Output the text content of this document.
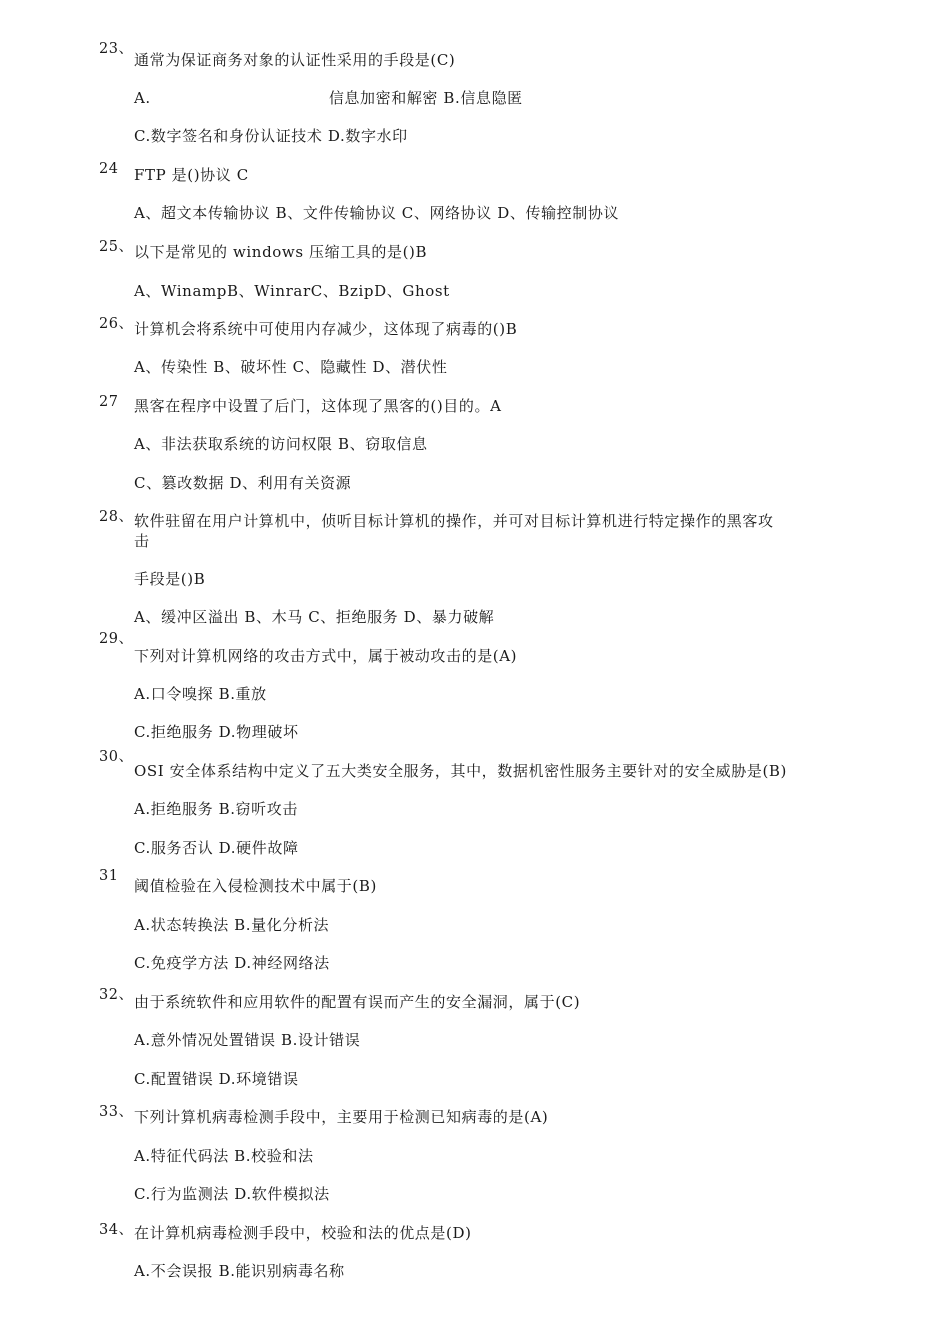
23、
通常为保证商务对象的认证性采用的手段是(C)
A.	信息加密和解密 B.信息隐匿
C.数字签名和身份认证技术 D.数字水印
24 FTP 是()协议 C
A、超文本传输协议 B、文件传输协议 C、网络协议 D、传输控制协议
25、 以下是常见的 windows 压缩工具的是()B
A、WinampB、WinrarC、BzipD、Ghost
26、 计算机会将系统中可使用内存减少，这体现了病毒的()B
A、传染性 B、破坏性 C、隐藏性 D、潜伏性
27 黑客在程序中设置了后门，这体现了黑客的()目的。A
A、非法获取系统的访问权限 B、窃取信息
C、篡改数据 D、利用有关资源
28、 软件驻留在用户计算机中，侦听目标计算机的操作，并可对目标计算机进行特定操作的黑客攻
击
手段是()B
A、缓冲区溢出 B、木马 C、拒绝服务 D、暴力破解
29、
下列对计算机网络的攻击方式中，属于被动攻击的是(A)
A.口令嗅探 B.重放
C.拒绝服务 D.物理破坏
30、
OSI 安全体系结构中定义了五大类安全服务，其中，数据机密性服务主要针对的安全威胁是(B)
A.拒绝服务 B.窃听攻击
C.服务否认 D.硬件故障
31
阈值检验在入侵检测技术中属于(B)
A.状态转换法 B.量化分析法
C.免疫学方法 D.神经网络法
32、 由于系统软件和应用软件的配置有误而产生的安全漏洞，属于(C)
A.意外情况处置错误 B.设计错误
C.配置错误 D.环境错误
33、 下列计算机病毒检测手段中，主要用于检测已知病毒的是(A)
A.特征代码法 B.校验和法
C.行为监测法 D.软件模拟法
34、 在计算机病毒检测手段中，校验和法的优点是(D)
A.不会误报 B.能识别病毒名称
